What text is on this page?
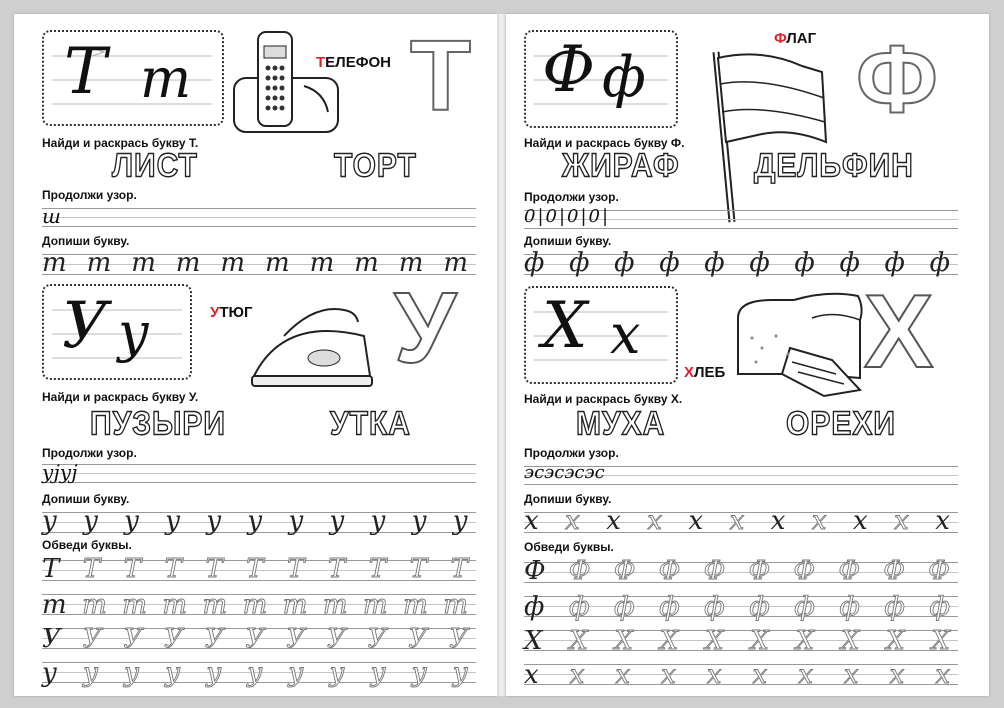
Т т	ТЕЛЕФОН Т
Найди и раскрась букву Т.
ЛИСТ	ТОРТ
Продолжи узор.
ш
Допиши букву.
т т т т т т т т т т
У у	УТЮГ У
Найди и раскрась букву У.
ПУЗЫРИ	УТКА
Продолжи узор.
уjуj
Допиши букву.
у у у у у у у у у у у
Обведи буквы.
Т Т Т Т Т Т Т Т Т Т Т
т т т т т т т т т т т
У У У У У У У У У У У
у у у у у у у у у у у
Ф ф
ФЛАГ Ф
Найди и раскрась букву Ф.
ЖИРАФ ДЕЛЬФИН
Продолжи узор.
0|0|0|0|
Допиши букву.
ф ф ф ф ф ф ф ф ф ф
Х х
ХЛЕБ Х
Найди и раскрась букву Х.
МУХА	ОРЕХИ
Продолжи узор.
эсэсэсэс
Допиши букву.
х х х х х х х х х х х
Обведи буквы.
Ф Ф Ф Ф Ф Ф Ф Ф Ф Ф
ф ф ф ф ф ф ф ф ф ф
Х Х Х Х Х Х Х Х Х Х
х х х х х х х х х х
